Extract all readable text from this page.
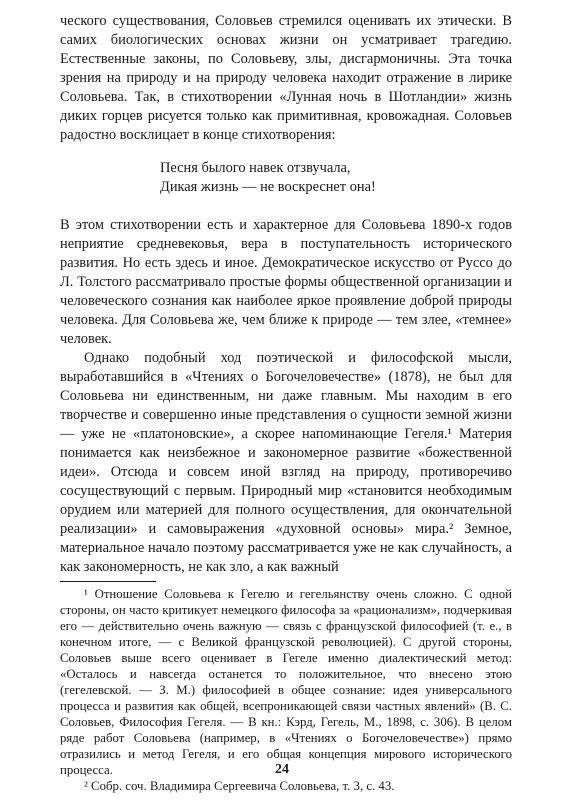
ческого существования, Соловьев стремился оценивать их этически. В самих биологических основах жизни он усматривает трагедию. Естественные законы, по Соловьеву, злы, дисгармоничны. Эта точка зрения на природу и на природу человека находит отражение в лирике Соловьева. Так, в стихотворении «Лунная ночь в Шотландии» жизнь диких горцев рисуется только как примитивная, кровожадная. Соловьев радостно восклицает в конце стихотворения:

Песня былого навек отзвучала,
Дикая жизнь — не воскреснет она!

В этом стихотворении есть и характерное для Соловьева 1890-х годов неприятие средневековья, вера в поступательность исторического развития. Но есть здесь и иное. Демократическое искусство от Руссо до Л. Толстого рассматривало простые формы общественной организации и человеческого сознания как наиболее яркое проявление доброй природы человека. Для Соловьева же, чем ближе к природе — тем злее, «темнее» человек.

Однако подобный ход поэтической и философской мысли, выработавшийся в «Чтениях о Богочеловечестве» (1878), не был для Соловьева ни единственным, ни даже главным. Мы находим в его творчестве и совершенно иные представления о сущности земной жизни — уже не «платоновские», а скорее напоминающие Гегеля.¹ Материя понимается как неизбежное и закономерное развитие «божественной идеи». Отсюда и совсем иной взгляд на природу, противоречиво сосуществующий с первым. Природный мир «становится необходимым орудием или материей для полного осуществления, для окончательной реализации» и самовыражения «духовной основы» мира.² Земное, материальное начало поэтому рассматривается уже не как случайность, а как закономерность, не как зло, а как важный

¹ Отношение Соловьева к Гегелю и гегельянству очень сложно. С одной стороны, он часто критикует немецкого философа за «рационализм», подчеркивая его — действительно очень важную — связь с французской философией (т. е., в конечном итоге, — с Великой французской революцией). С другой стороны, Соловьев выше всего оценивает в Гегеле именно диалектический метод: «Осталось и навсегда останется то положительное, что внесено этою (гегелевской. — З. М.) философией в общее сознание: идея универсального процесса и развития как общей, всепроникающей связи частных явлений» (В. С. Соловьев, Философия Гегеля. — В кн.: Кэрд, Гегель, М., 1898, с. 306). В целом ряде работ Соловьева (например, в «Чтениях о Богочеловечестве») прямо отразились и метод Гегеля, и его общая концепция мирового исторического процесса.

² Собр. соч. Владимира Сергеевича Соловьева, т. 3, с. 43.

24
